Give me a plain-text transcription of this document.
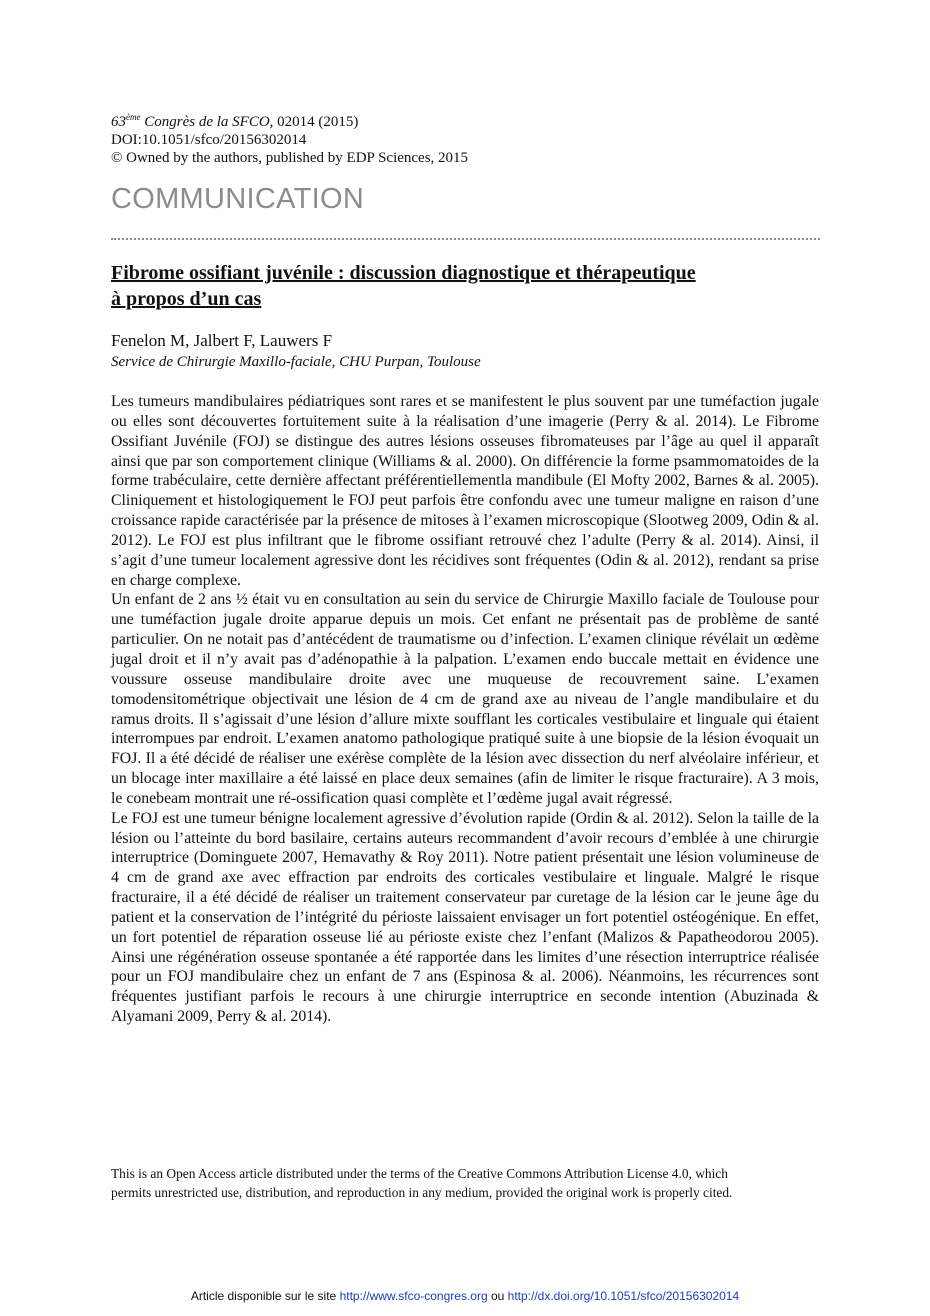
63ème Congrès de la SFCO, 02014 (2015)
DOI:10.1051/sfco/20156302014
© Owned by the authors, published by EDP Sciences, 2015
COMMUNICATION
Fibrome ossifiant juvénile : discussion diagnostique et thérapeutique
à propos d’un cas
Fenelon M, Jalbert F, Lauwers F
Service de Chirurgie Maxillo-faciale, CHU Purpan, Toulouse

Les tumeurs mandibulaires pédiatriques sont rares et se manifestent le plus souvent par une tuméfaction jugale ou elles sont découvertes fortuitement suite à la réalisation d’une imagerie (Perry & al. 2014). Le Fibrome Ossifiant Juvénile (FOJ) se distingue des autres lésions osseuses fibromateuses par l’âge au quel il apparaît ainsi que par son comportement clinique (Williams & al. 2000). On différencie la forme psammomatoides de la forme trabéculaire, cette dernière affectant préférentiellementla mandibule (El Mofty 2002, Barnes & al. 2005). Cliniquement et histologiquement le FOJ peut parfois être confondu avec une tumeur maligne en raison d’une croissance rapide caractérisée par la présence de mitoses à l’examen microscopique (Slootweg 2009, Odin & al. 2012). Le FOJ est plus infiltrant que le fibrome ossifiant retrouvé chez l’adulte (Perry & al. 2014). Ainsi, il s’agit d’une tumeur localement agressive dont les récidives sont fréquentes (Odin & al. 2012), rendant sa prise en charge complexe.

Un enfant de 2 ans ½ était vu en consultation au sein du service de Chirurgie Maxillo faciale de Toulouse pour une tuméfaction jugale droite apparue depuis un mois. Cet enfant ne présentait pas de problème de santé particulier. On ne notait pas d’antécédent de traumatisme ou d’infection. L’examen clinique révélait un œdème jugal droit et il n’y avait pas d’adénopathie à la palpation. L’examen endo buccale mettait en évidence une voussure osseuse mandibulaire droite avec une muqueuse de recouvrement saine. L’examen tomodensitométrique objectivait une lésion de 4 cm de grand axe au niveau de l’angle mandibulaire et du ramus droits. Il s’agissait d’une lésion d’allure mixte soufflant les corticales vestibulaire et linguale qui étaient interrompues par endroit. L’examen anatomo pathologique pratiqué suite à une biopsie de la lésion évoquait un FOJ. Il a été décidé de réaliser une exérèse complète de la lésion avec dissection du nerf alvéolaire inférieur, et un blocage inter maxillaire a été laissé en place deux semaines (afin de limiter le risque fracturaire). A 3 mois, le conebeam montrait une ré-ossification quasi complète et l’œdème jugal avait régressé.

Le FOJ est une tumeur bénigne localement agressive d’évolution rapide (Ordin & al. 2012). Selon la taille de la lésion ou l’atteinte du bord basilaire, certains auteurs recommandent d’avoir recours d’emblée à une chirurgie interruptrice (Dominguete 2007, Hemavathy & Roy 2011). Notre patient présentait une lésion volumineuse de 4 cm de grand axe avec effraction par endroits des corticales vestibulaire et linguale. Malgré le risque fracturaire, il a été décidé de réaliser un traitement conservateur par curetage de la lésion car le jeune âge du patient et la conservation de l’intégrité du périoste laissaient envisager un fort potentiel ostéogénique. En effet, un fort potentiel de réparation osseuse lié au périoste existe chez l’enfant (Malizos & Papatheodorou 2005). Ainsi une régénération osseuse spontanée a été rapportée dans les limites d’une résection interruptrice réalisée pour un FOJ mandibulaire chez un enfant de 7 ans (Espinosa & al. 2006). Néanmoins, les récurrences sont fréquentes justifiant parfois le recours à une chirurgie interruptrice en seconde intention (Abuzinada & Alyamani 2009, Perry & al. 2014).

This is an Open Access article distributed under the terms of the Creative Commons Attribution License 4.0, which
permits unrestricted use, distribution, and reproduction in any medium, provided the original work is properly cited.
Article disponible sur le site http://www.sfco-congres.org ou http://dx.doi.org/10.1051/sfco/20156302014
